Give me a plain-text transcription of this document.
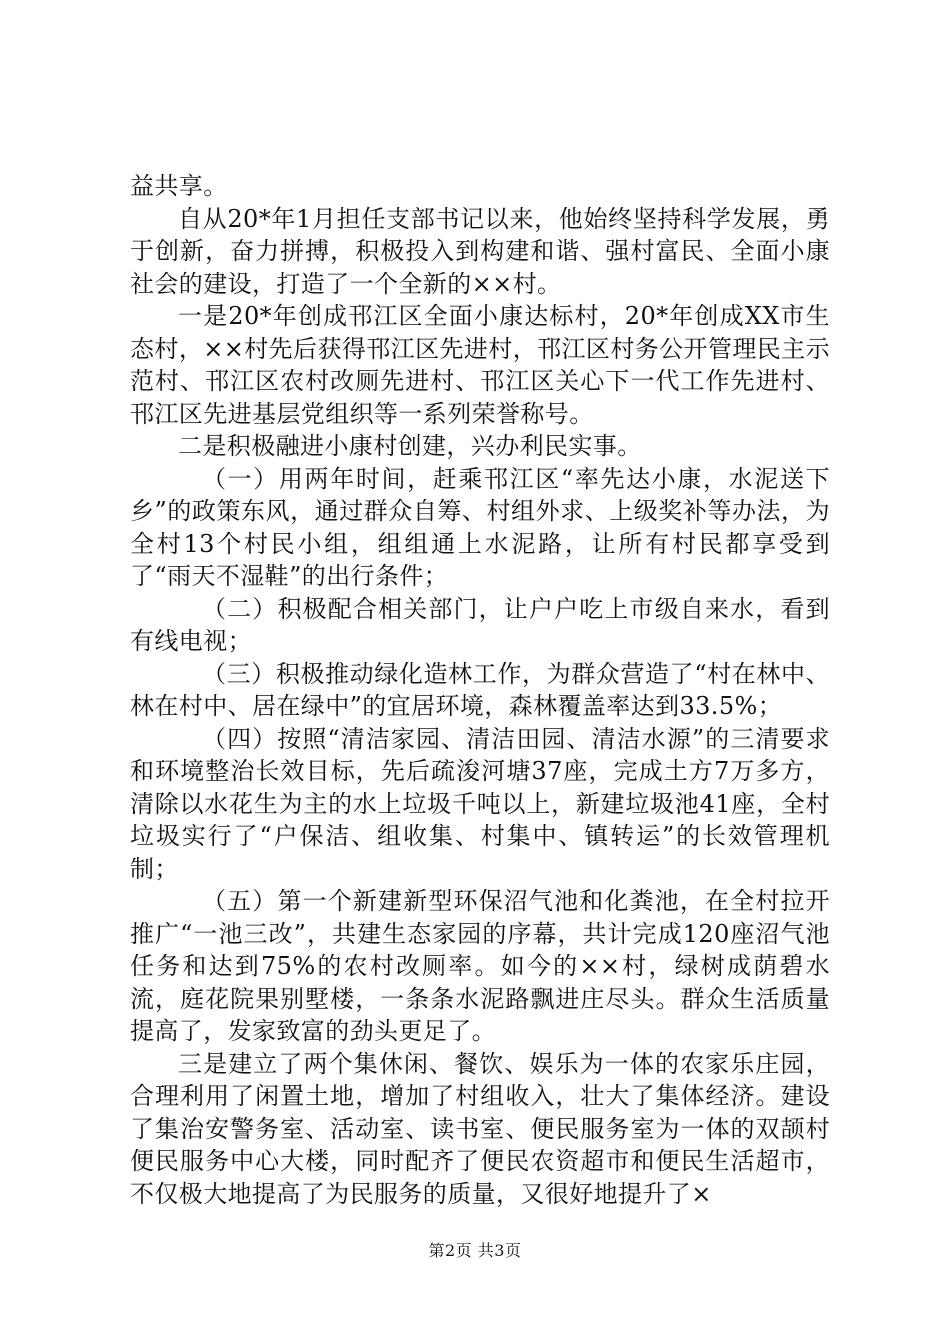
益共享。

自从20*年1月担任支部书记以来，他始终坚持科学发展，勇于创新，奋力拼搏，积极投入到构建和谐、强村富民、全面小康社会的建设，打造了一个全新的××村。

一是20*年创成邗江区全面小康达标村，20*年创成XX市生态村，××村先后获得邗江区先进村，邗江区村务公开管理民主示范村、邗江区农村改厕先进村、邗江区关心下一代工作先进村、邗江区先进基层党组织等一系列荣誉称号。

二是积极融进小康村创建，兴办利民实事。

（一）用两年时间，赶乘邗江区“率先达小康，水泥送下乡”的政策东风，通过群众自筹、村组外求、上级奖补等办法，为全村13个村民小组，组组通上水泥路，让所有村民都享受到了“雨天不湿鞋”的出行条件；

（二）积极配合相关部门，让户户吃上市级自来水，看到有线电视；

（三）积极推动绿化造林工作，为群众营造了“村在林中、林在村中、居在绿中”的宜居环境，森林覆盖率达到33.5%；

（四）按照“清洁家园、清洁田园、清洁水源”的三清要求和环境整治长效目标，先后疏浚河塘37座，完成土方7万多方，清除以水花生为主的水上垃圾千吨以上，新建垃圾池41座，全村垃圾实行了“户保洁、组收集、村集中、镇转运”的长效管理机制；

（五）第一个新建新型环保沼气池和化粪池，在全村拉开推广“一池三改”，共建生态家园的序幕，共计完成120座沼气池任务和达到75%的农村改厕率。如今的××村，绿树成荫碧水流，庭花院果别墅楼，一条条水泥路飘进庄尽头。群众生活质量提高了，发家致富的劲头更足了。

三是建立了两个集休闲、餐饮、娱乐为一体的农家乐庄园，合理利用了闲置土地，增加了村组收入，壮大了集体经济。建设了集治安警务室、活动室、读书室、便民服务室为一体的双颉村便民服务中心大楼，同时配齐了便民农资超市和便民生活超市，不仅极大地提高了为民服务的质量，又很好地提升了×

第2页 共3页
